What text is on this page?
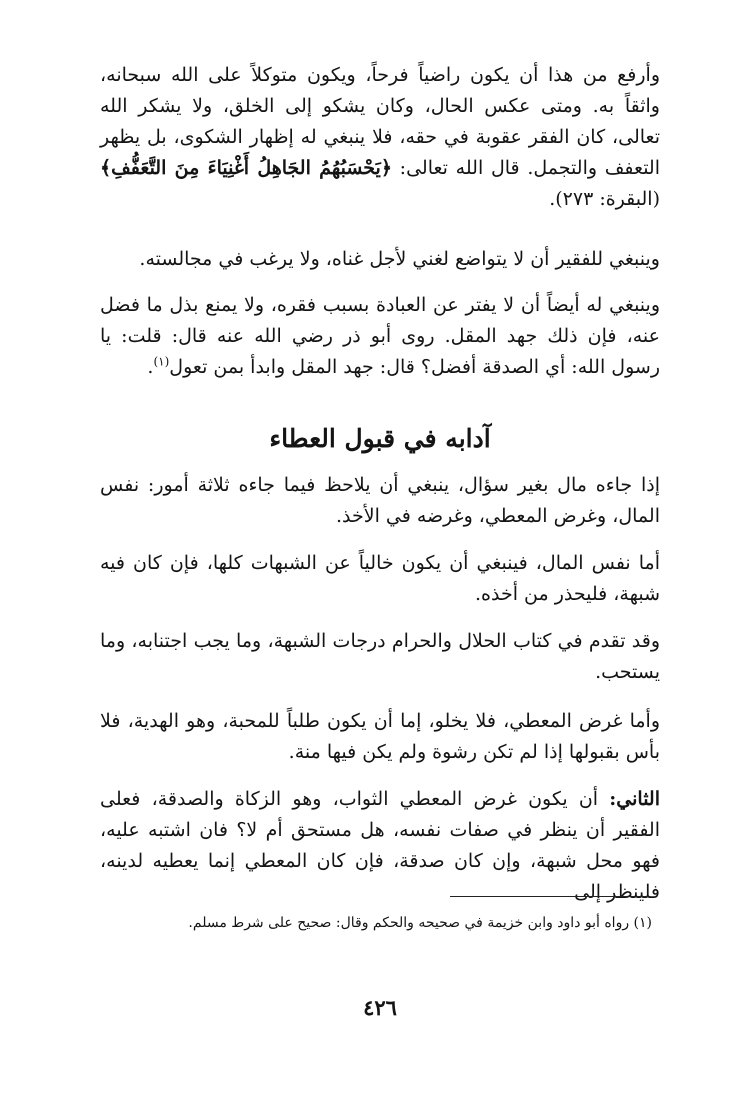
وأرفع من هذا أن يكون راضياً فرحاً، ويكون متوكلاً على الله سبحانه، واثقاً به. ومتى عكس الحال، وكان يشكو إلى الخلق، ولا يشكر الله تعالى، كان الفقر عقوبة في حقه، فلا ينبغي له إظهار الشكوى، بل يظهر التعفف والتجمل. قال الله تعالى: ﴿يَحْسَبُهُمُ الجَاهِلُ أَغْنِيَاءَ مِنَ التَّعَفُّفِ﴾ (البقرة: ٢٧٣).

وينبغي للفقير أن لا يتواضع لغني لأجل غناه، ولا يرغب في مجالسته.

وينبغي له أيضاً أن لا يفتر عن العبادة بسبب فقره، ولا يمنع بذل ما فضل عنه، فإن ذلك جهد المقل. روى أبو ذر رضي الله عنه قال: قلت: يا رسول الله: أي الصدقة أفضل؟ قال: جهد المقل وابدأ بمن تعول$^{(١)}$.

آدابه في قبول العطاء

إذا جاءه مال بغير سؤال، ينبغي أن يلاحظ فيما جاءه ثلاثة أمور: نفس المال، وغرض المعطي، وغرضه في الأخذ.

أما نفس المال، فينبغي أن يكون خالياً عن الشبهات كلها، فإن كان فيه شبهة، فليحذر من أخذه.

وقد تقدم في كتاب الحلال والحرام درجات الشبهة، وما يجب اجتنابه، وما يستحب.

وأما غرض المعطي، فلا يخلو، إما أن يكون طلباً للمحبة، وهو الهدية، فلا بأس بقبولها إذا لم تكن رشوة ولم يكن فيها منة.

الثاني: أن يكون غرض المعطي الثواب، وهو الزكاة والصدقة، فعلى الفقير أن ينظر في صفات نفسه، هل مستحق أم لا؟ فان اشتبه عليه، فهو محل شبهة، وإن كان صدقة، فإن كان المعطي إنما يعطيه لدينه، فلينظر إلى

(١) رواه أبو داود وابن خزيمة في صحيحه والحكم وقال: صحيح على شرط مسلم.

٤٢٦
